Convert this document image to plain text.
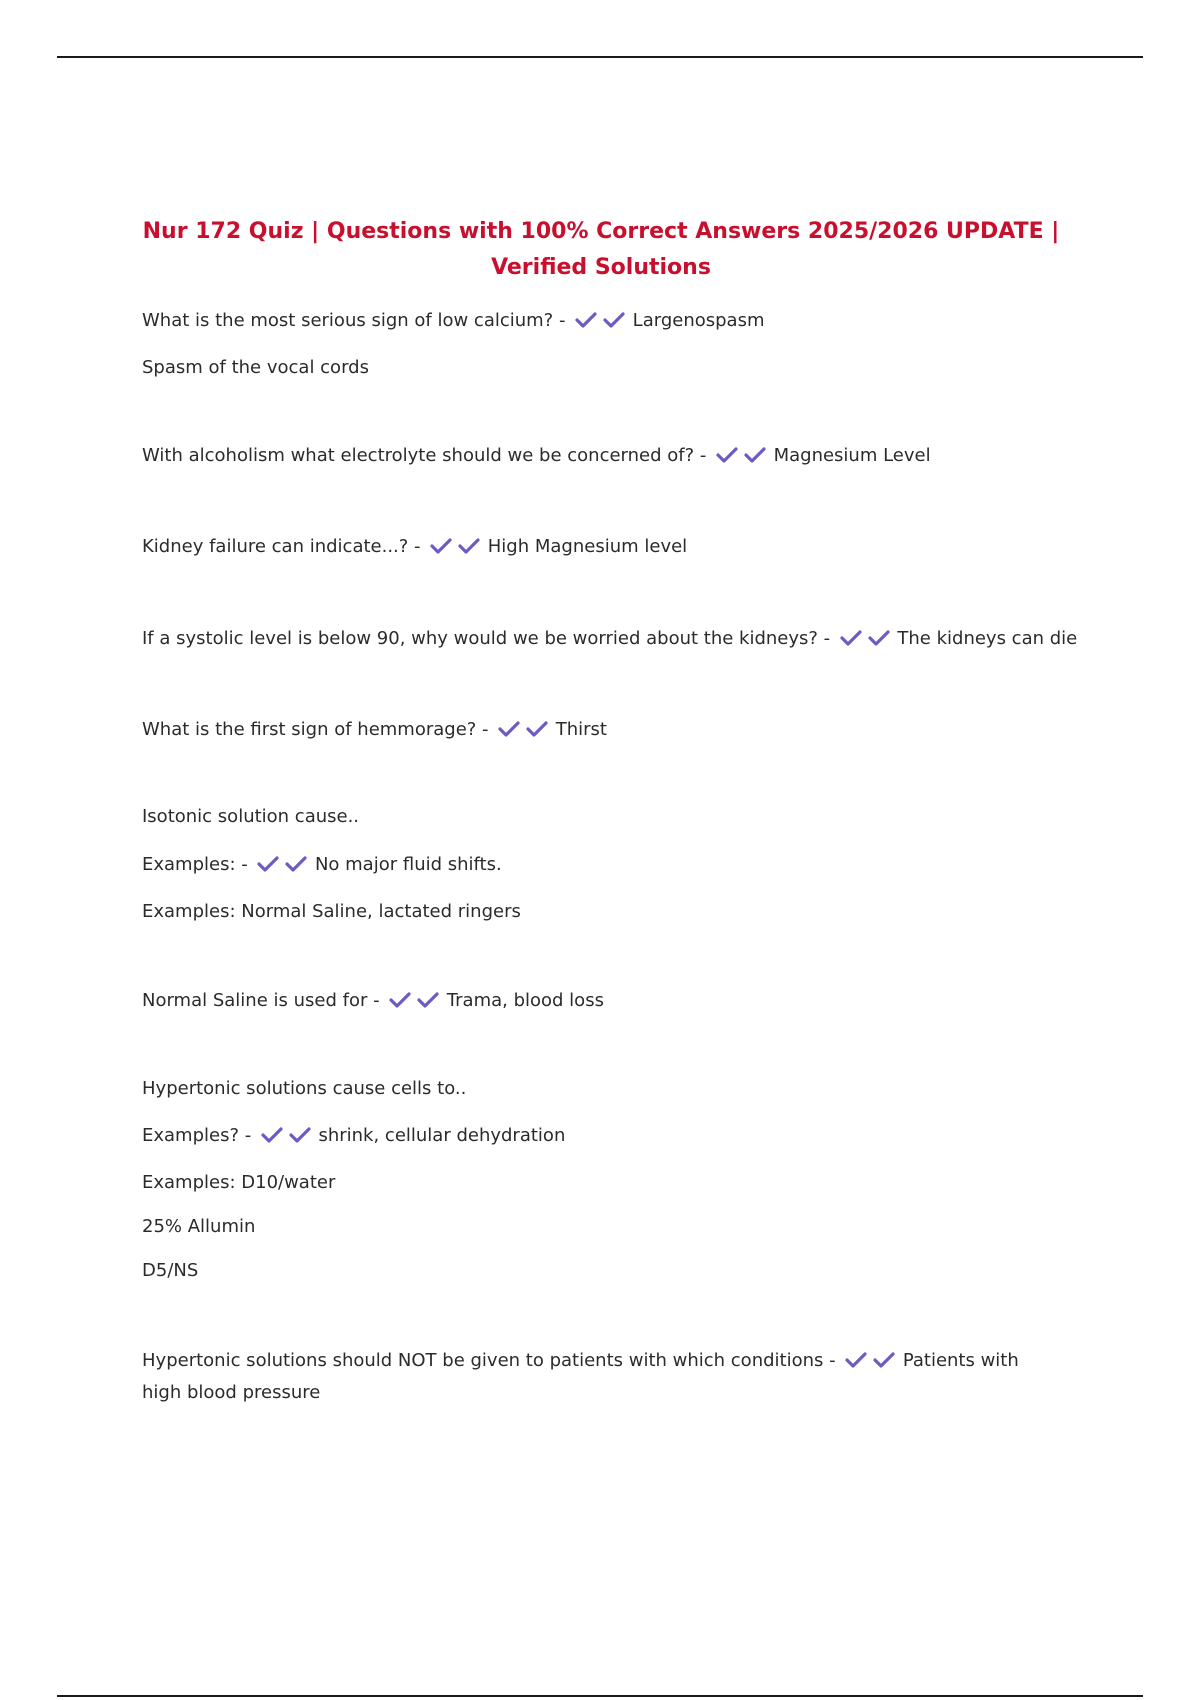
Nur 172 Quiz | Questions with 100% Correct Answers 2025/2026 UPDATE |
Verified Solutions
What is the most serious sign of low calcium? -	Largenospasm
Spasm of the vocal cords
With alcoholism what electrolyte should we be concerned of? -	Magnesium Level
Kidney failure can indicate...? -	High Magnesium level
If a systolic level is below 90, why would we be worried about the kidneys? -	The kidneys can die
What is the first sign of hemmorage? -	Thirst
Isotonic solution cause..
Examples: -	No major fluid shifts.
Examples: Normal Saline, lactated ringers
Normal Saline is used for -	Trama, blood loss
Hypertonic solutions cause cells to..
Examples? -	shrink, cellular dehydration
Examples: D10/water
25% Allumin
D5/NS
Hypertonic solutions should NOT be given to patients with which conditions -	Patients with high blood pressure
